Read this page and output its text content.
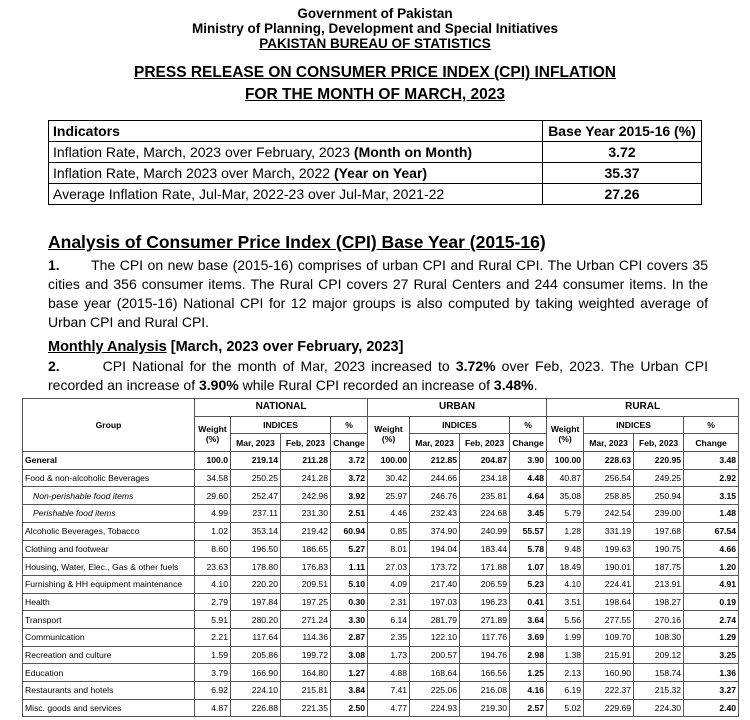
Government of Pakistan
Ministry of Planning, Development and Special Initiatives
PAKISTAN BUREAU OF STATISTICS
PRESS RELEASE ON CONSUMER PRICE INDEX (CPI) INFLATION
FOR THE MONTH OF MARCH, 2023
Indicators	Base Year 2015-16 (%)
Inflation Rate, March, 2023 over February, 2023 (Month on Month)	3.72
Inflation Rate, March 2023 over March, 2022 (Year on Year)	35.37
Average Inflation Rate, Jul-Mar, 2022-23 over Jul-Mar, 2021-22	27.26
Analysis of Consumer Price Index (CPI) Base Year (2015-16)
1. The CPI on new base (2015-16) comprises of urban CPI and Rural CPI. The Urban CPI covers 35 cities and 356 consumer items. The Rural CPI covers 27 Rural Centers and 244 consumer items. In the base year (2015-16) National CPI for 12 major groups is also computed by taking weighted average of Urban CPI and Rural CPI.
Monthly Analysis [March, 2023 over February, 2023]
2.	CPI National for the month of Mar, 2023 increased to 3.72% over Feb, 2023. The Urban CPI recorded an increase of 3.90% while Rural CPI recorded an increase of 3.48%.
Group	NATIONAL				URBAN				RURAL			
	Weight (%)	INDICES		%	Weight (%)	INDICES		%	Weight (%)	INDICES		%
		Mar, 2023	Feb, 2023	Change		Mar, 2023	Feb, 2023	Change		Mar, 2023	Feb, 2023	Change
General	100.0	219.14	211.28	3.72	100.00	212.85	204.87	3.90	100.00	228.63	220.95	3.48
Food & non-alcoholic Beverages	34.58	250.25	241.28	3.72	30.42	244.66	234.18	4.48	40.87	256.54	249.25	2.92
Non-perishable food items	29.60	252.47	242.96	3.92	25.97	246.76	235.81	4.64	35.08	258.85	250.94	3.15
Perishable food items	4.99	237.11	231.30	2.51	4.46	232.43	224.68	3.45	5.79	242.54	239.00	1.48
Alcoholic Beverages, Tobacco	1.02	353.14	219.42	60.94	0.85	374.90	240.99	55.57	1.28	331.19	197.68	67.54
Clothing and footwear	8.60	196.50	186.65	5.27	8.01	194.04	183.44	5.78	9.48	199.63	190.75	4.66
Housing, Water, Elec., Gas & other fuels	23.63	178.80	176.83	1.11	27.03	173.72	171.88	1.07	18.49	190.01	187.75	1.20
Furnishing & HH equipment maintenance	4.10	220.20	209.51	5.10	4.09	217.40	206.59	5.23	4.10	224.41	213.91	4.91
Health	2.79	197.84	197.25	0.30	2.31	197.03	196.23	0.41	3.51	198.64	198.27	0.19
Transport	5.91	280.20	271.24	3.30	6.14	281.79	271.89	3.64	5.56	277.55	270.16	2.74
Communication	2.21	117.64	114.36	2.87	2.35	122.10	117.76	3.69	1.99	109.70	108.30	1.29
Recreation and culture	1.59	205.86	199.72	3.08	1.73	200.57	194.76	2.98	1.38	215.91	209.12	3.25
Education	3.79	166.90	164.80	1.27	4.88	168.64	166.56	1.25	2.13	160.90	158.74	1.36
Restaurants and hotels	6.92	224.10	215.81	3.84	7.41	225.06	216.08	4.16	6.19	222.37	215.32	3.27
Misc. goods and services	4.87	226.88	221.35	2.50	4.77	224.93	219.30	2.57	5.02	229.69	224.30	2.40
